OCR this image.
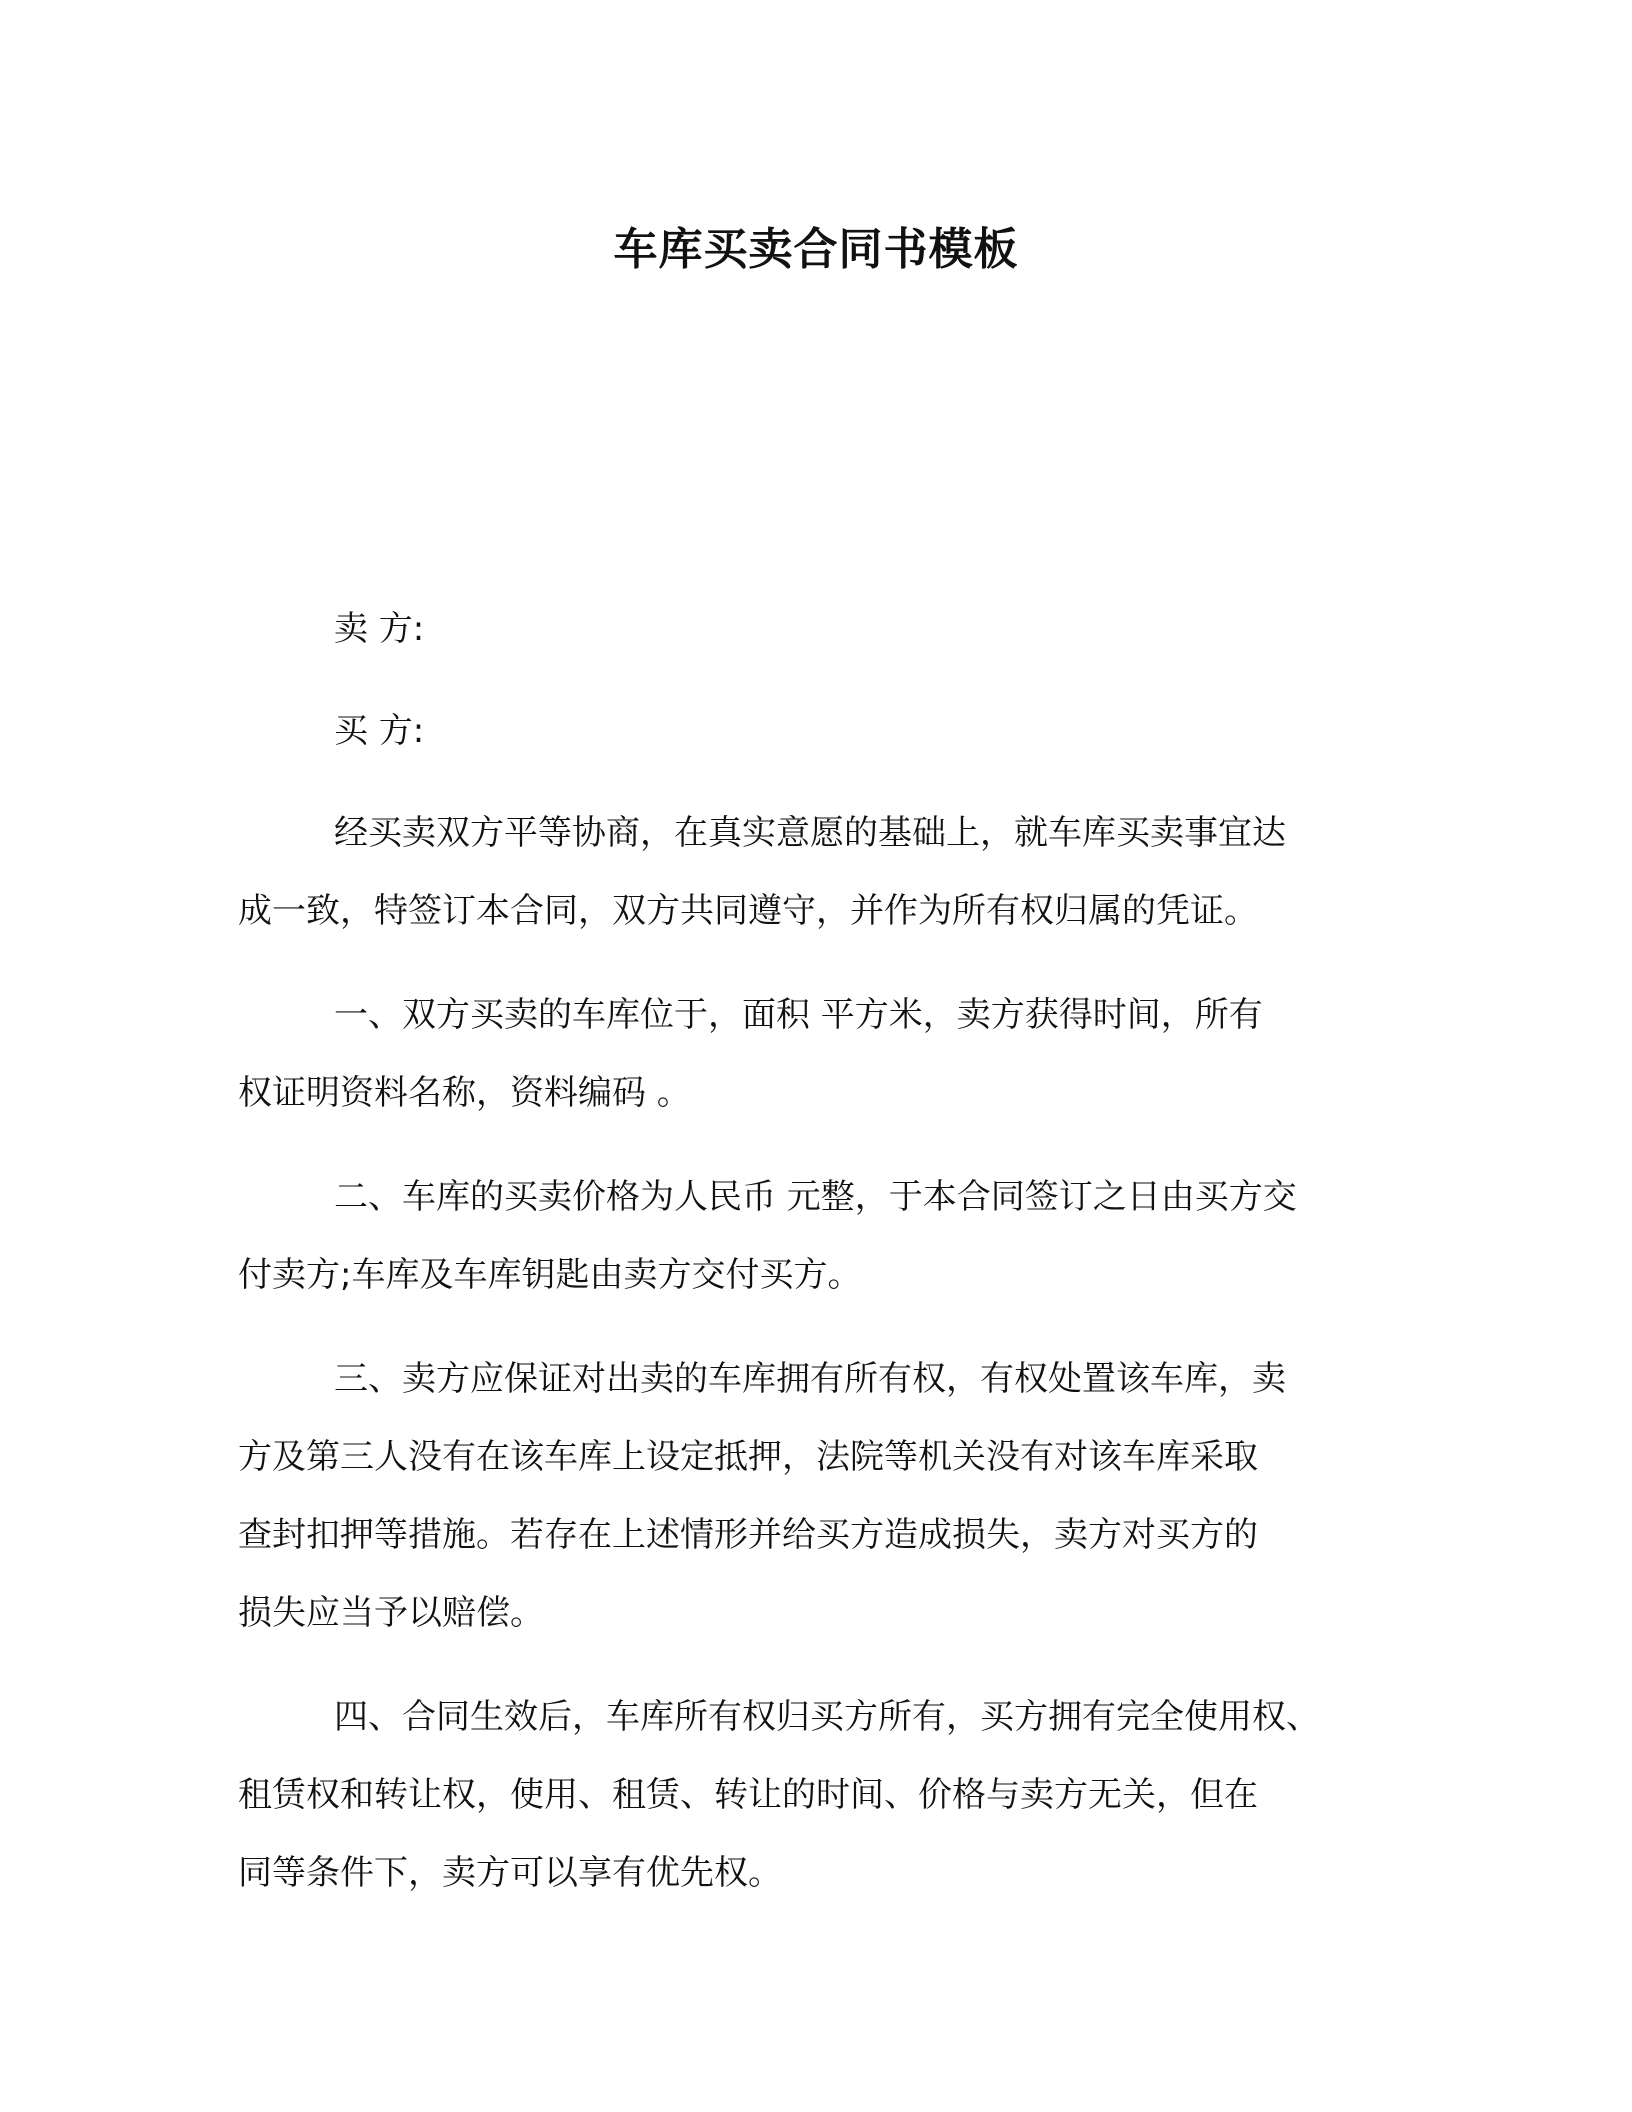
车库买卖合同书模板

卖 方:

买 方:

经买卖双方平等协商，在真实意愿的基础上，就车库买卖事宜达
成一致，特签订本合同，双方共同遵守，并作为所有权归属的凭证。

一、双方买卖的车库位于，面积 平方米，卖方获得时间，所有
权证明资料名称，资料编码 。

二、车库的买卖价格为人民币 元整，于本合同签订之日由买方交
付卖方;车库及车库钥匙由卖方交付买方。

三、卖方应保证对出卖的车库拥有所有权，有权处置该车库，卖
方及第三人没有在该车库上设定抵押，法院等机关没有对该车库采取
查封扣押等措施。若存在上述情形并给买方造成损失，卖方对买方的
损失应当予以赔偿。

四、合同生效后，车库所有权归买方所有，买方拥有完全使用权、
租赁权和转让权，使用、租赁、转让的时间、价格与卖方无关，但在
同等条件下，卖方可以享有优先权。
